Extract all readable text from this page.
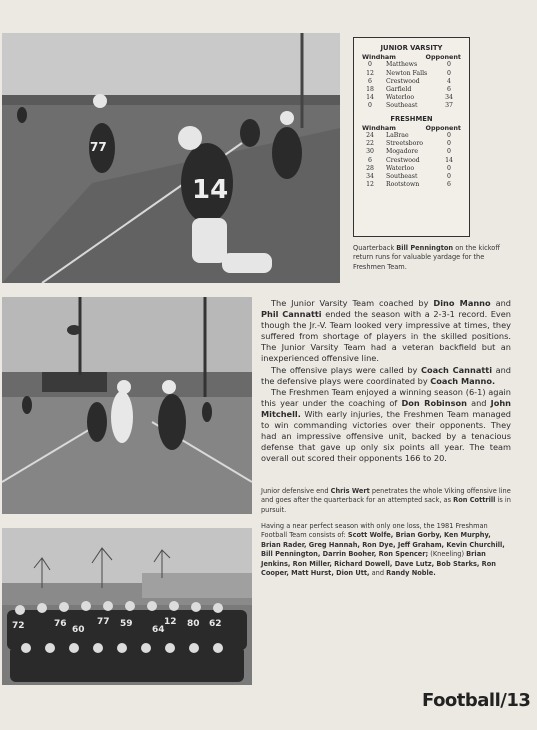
14
77
JUNIOR VARSITY
Windham	Opponent
0	Matthews	0
12	Newton Falls	0
6	Crestwood	4
18	Garfield	6
14	Waterloo	34
0	Southeast	37
FRESHMEN
Windham	Opponent
24	LaBrae	0
22	Streetsboro	0
30	Mogadore	0
6	Crestwood	14
28	Waterloo	0
34	Southeast	0
12	Rootstown	6
Quarterback Bill Pennington on the kickoff return runs for valuable yardage for the Freshmen Team.

The Junior Varsity Team coached by Dino Manno and Phil Cannatti ended the season with a 2-3-1 record. Even though the Jr.-V. Team looked very impressive at times, they suffered from shortage of players in the skilled positions. The Junior Varsity Team had a veteran backfield but an inexperienced offensive line.

The offensive plays were called by Coach Cannatti and the defensive plays were coordinated by Coach Manno.

The Freshmen Team enjoyed a winning season (6-1) again this year under the coaching of Don Robinson and John Mitchell. With early injuries, the Freshmen Team managed to win commanding victories over their opponents. They had an impressive offensive unit, backed by a tenacious defense that gave up only six points all year. The team overall out scored their opponents 166 to 20.

Junior defensive end Chris Wert penetrates the whole Viking offensive line and goes after the quarterback for an attempted sack, as Ron Cottrill is in pursuit.
Having a near perfect season with only one loss, the 1981 Freshman Football Team consists of: Scott Wolfe, Brian Gorby, Ken Murphy, Brian Rader, Greg Hannah, Ron Dye, Jeff Graham, Kevin Churchill, Bill Pennington, Darrin Booher, Ron Spencer; (Kneeling) Brian Jenkins, Ron Miller, Richard Dowell, Dave Lutz, Bob Starks, Ron Cooper, Matt Hurst, Dion Utt, and Randy Noble.
72	76	77 59	12 80 62
60	64
Football/13
